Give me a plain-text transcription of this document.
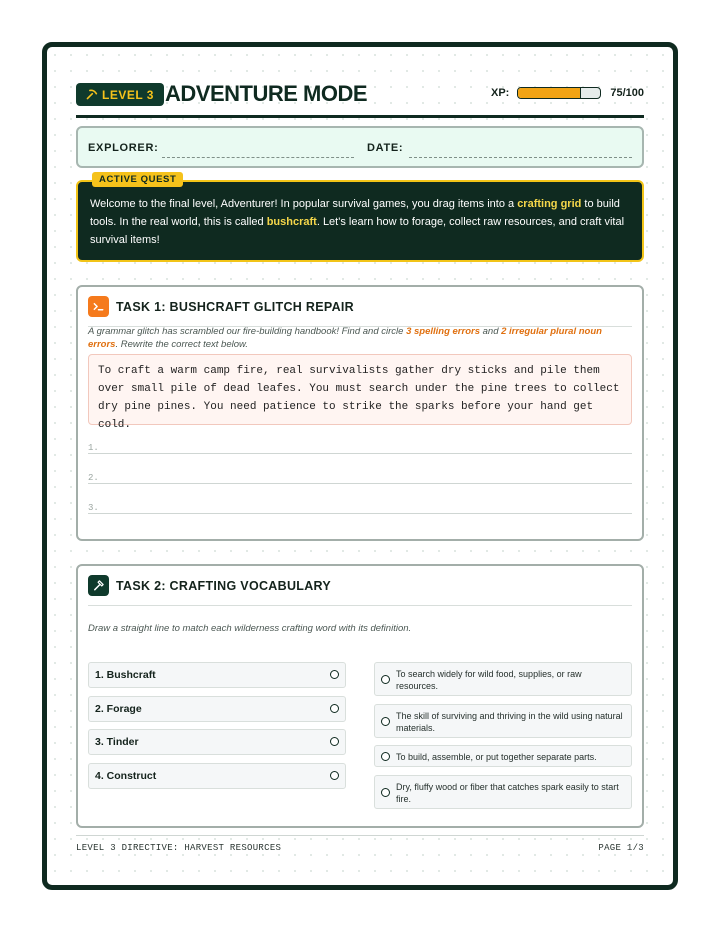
LEVEL 3 ADVENTURE MODE	XP:	75/100
EXPLORER:	DATE:
ACTIVE QUEST
Welcome to the final level, Adventurer! In popular survival games, you drag items into a crafting grid to build tools. In the real world, this is called bushcraft. Let's learn how to forage, collect raw resources, and craft vital survival items!
TASK 1: BUSHCRAFT GLITCH REPAIR
A grammar glitch has scrambled our fire-building handbook! Find and circle 3 spelling errors and 2 irregular plural noun errors. Rewrite the correct text below.
To craft a warm camp fire, real survivalists gather dry sticks and pile them over small pile of dead leafes. You must search under the pine trees to collect dry pine pines. You need patience to strike the sparks before your hand get cold.
1.
2.
3.
TASK 2: CRAFTING VOCABULARY
Draw a straight line to match each wilderness crafting word with its definition.
1. Bushcraft
2. Forage
3. Tinder
4. Construct
To search widely for wild food, supplies, or raw resources.
The skill of surviving and thriving in the wild using natural materials.
To build, assemble, or put together separate parts.
Dry, fluffy wood or fiber that catches spark easily to start fire.
LEVEL 3 DIRECTIVE: HARVEST RESOURCES	PAGE 1/3
